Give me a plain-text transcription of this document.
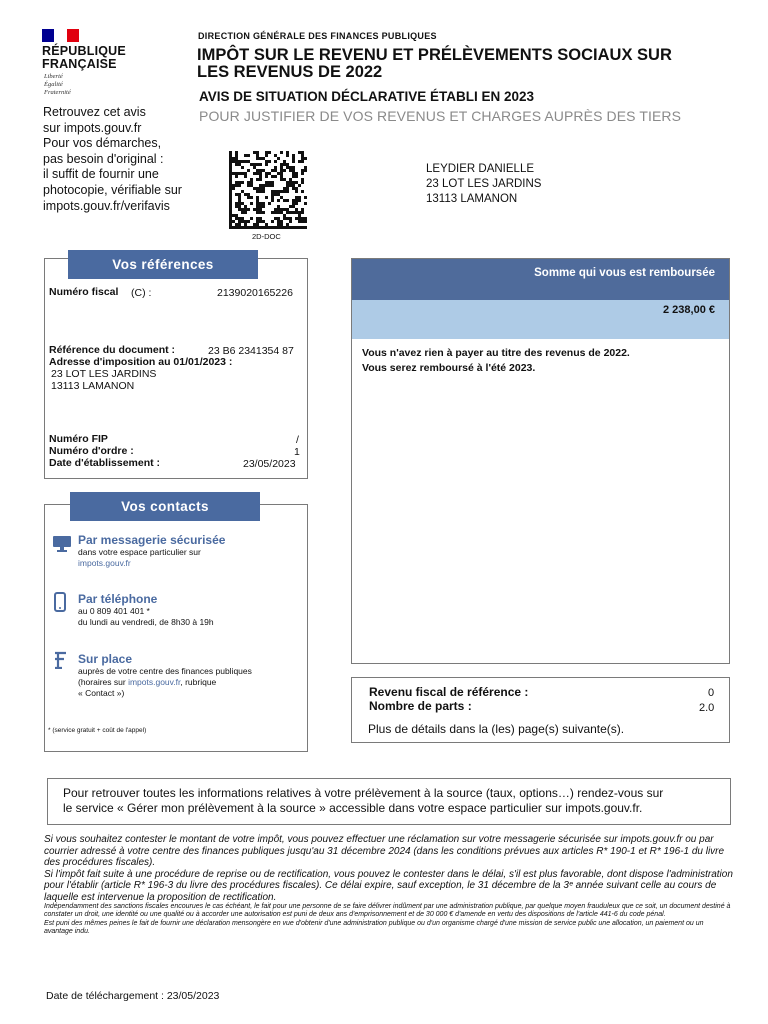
RÉPUBLIQUE
FRANÇAISE
Liberté
Égalité
Fraternité
DIRECTION GÉNÉRALE DES FINANCES PUBLIQUES
IMPÔT SUR LE REVENU ET PRÉLÈVEMENTS SOCIAUX SUR
LES REVENUS DE 2022
AVIS DE SITUATION DÉCLARATIVE ÉTABLI EN 2023
POUR JUSTIFIER DE VOS REVENUS ET CHARGES AUPRÈS DES TIERS
Retrouvez cet avis
sur impots.gouv.fr
Pour vos démarches,
pas besoin d'original :
il suffit de fournir une
photocopie, vérifiable sur
impots.gouv.fr/verifavis
2D-DOC
LEYDIER DANIELLE
23 LOT LES JARDINS
13113 LAMANON
Vos références
Numéro fiscal (C) :	2139020165226
Référence du document :	23 B6 2341354 87
Adresse d'imposition au 01/01/2023 :
23 LOT LES JARDINS
13113 LAMANON
Numéro FIP	/
Numéro d'ordre :	1
Date d'établissement :	23/05/2023
Vos contacts
Par messagerie sécurisée
dans votre espace particulier sur
impots.gouv.fr
Par téléphone
au 0 809 401 401 *
du lundi au vendredi, de 8h30 à 19h
Sur place
auprès de votre centre des finances publiques
(horaires sur impots.gouv.fr, rubrique
« Contact »)
* (service gratuit + coût de l'appel)
Somme qui vous est remboursée
2 238,00 €
Vous n'avez rien à payer au titre des revenus de 2022.
Vous serez remboursé à l'été 2023.
Revenu fiscal de référence :	0
Nombre de parts :	2.0
Plus de détails dans la (les) page(s) suivante(s).
Pour retrouver toutes les informations relatives à votre prélèvement à la source (taux, options…) rendez-vous sur
le service « Gérer mon prélèvement à la source » accessible dans votre espace particulier sur impots.gouv.fr.
Si vous souhaitez contester le montant de votre impôt, vous pouvez effectuer une réclamation sur votre messagerie sécurisée sur impots.gouv.fr ou par courrier adressé à votre centre des finances publiques jusqu'au 31 décembre 2024 (dans les conditions prévues aux articles R* 190-1 et R* 196-1 du livre des procédures fiscales).
Si l'impôt fait suite à une procédure de reprise ou de rectification, vous pouvez le contester dans le délai, s'il est plus favorable, dont dispose l'administration pour l'établir (article R* 196-3 du livre des procédures fiscales). Ce délai expire, sauf exception, le 31 décembre de la 3ᵉ année suivant celle au cours de laquelle est intervenue la proposition de rectification.
Indépendamment des sanctions fiscales encourues le cas échéant, le fait pour une personne de se faire délivrer indûment par une administration publique, par quelque moyen frauduleux que ce soit, un document destiné à constater un droit, une identité ou une qualité ou à accorder une autorisation est puni de deux ans d'emprisonnement et de 30 000 € d'amende en vertu des dispositions de l'article 441-6 du code pénal.
Est puni des mêmes peines le fait de fournir une déclaration mensongère en vue d'obtenir d'une administration publique ou d'un organisme chargé d'une mission de service public une allocation, un paiement ou un avantage indu.
Date de téléchargement : 23/05/2023
